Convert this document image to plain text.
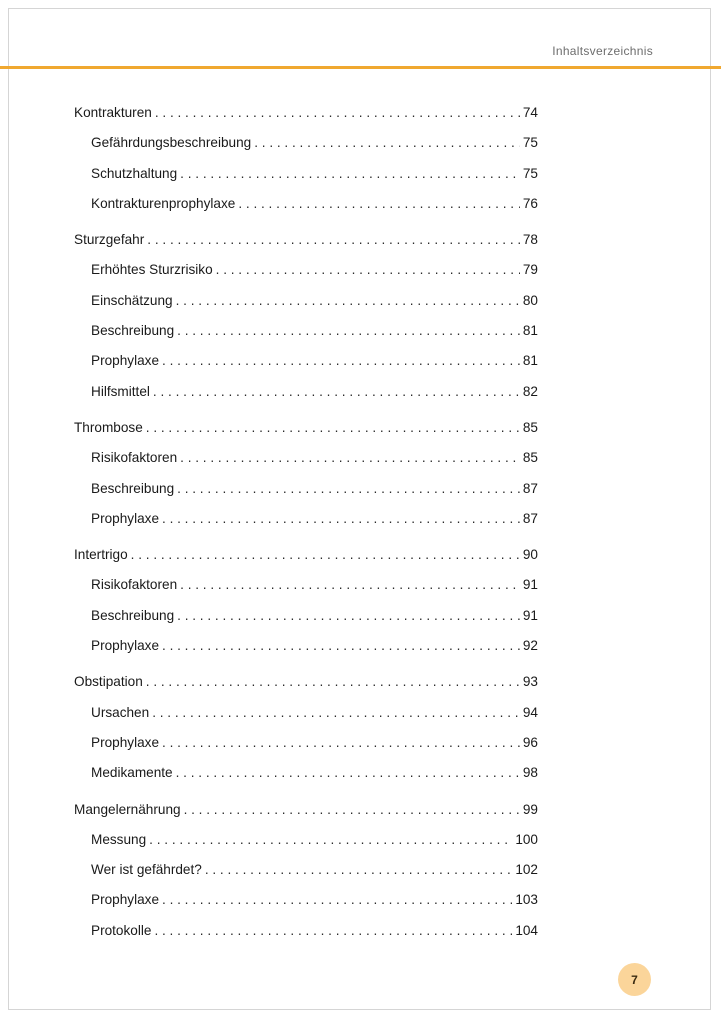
Inhaltsverzeichnis
Kontrakturen . . .	74
Gefährdungsbeschreibung . . .	75
Schutzhaltung . . .	75
Kontrakturenprophylaxe . . .	76
Sturzgefahr . . .	78
Erhöhtes Sturzrisiko . . .	79
Einschätzung . . .	80
Beschreibung . . .	81
Prophylaxe . . .	81
Hilfsmittel . . .	82
Thrombose . . .	85
Risikofaktoren . . .	85
Beschreibung . . .	87
Prophylaxe . . .	87
Intertrigo . . .	90
Risikofaktoren . . .	91
Beschreibung . . .	91
Prophylaxe . . .	92
Obstipation . . .	93
Ursachen . . .	94
Prophylaxe . . .	96
Medikamente . . .	98
Mangelernährung . . .	99
Messung . . .	100
Wer ist gefährdet? . . .	102
Prophylaxe . . .	103
Protokolle . . .	104
7
